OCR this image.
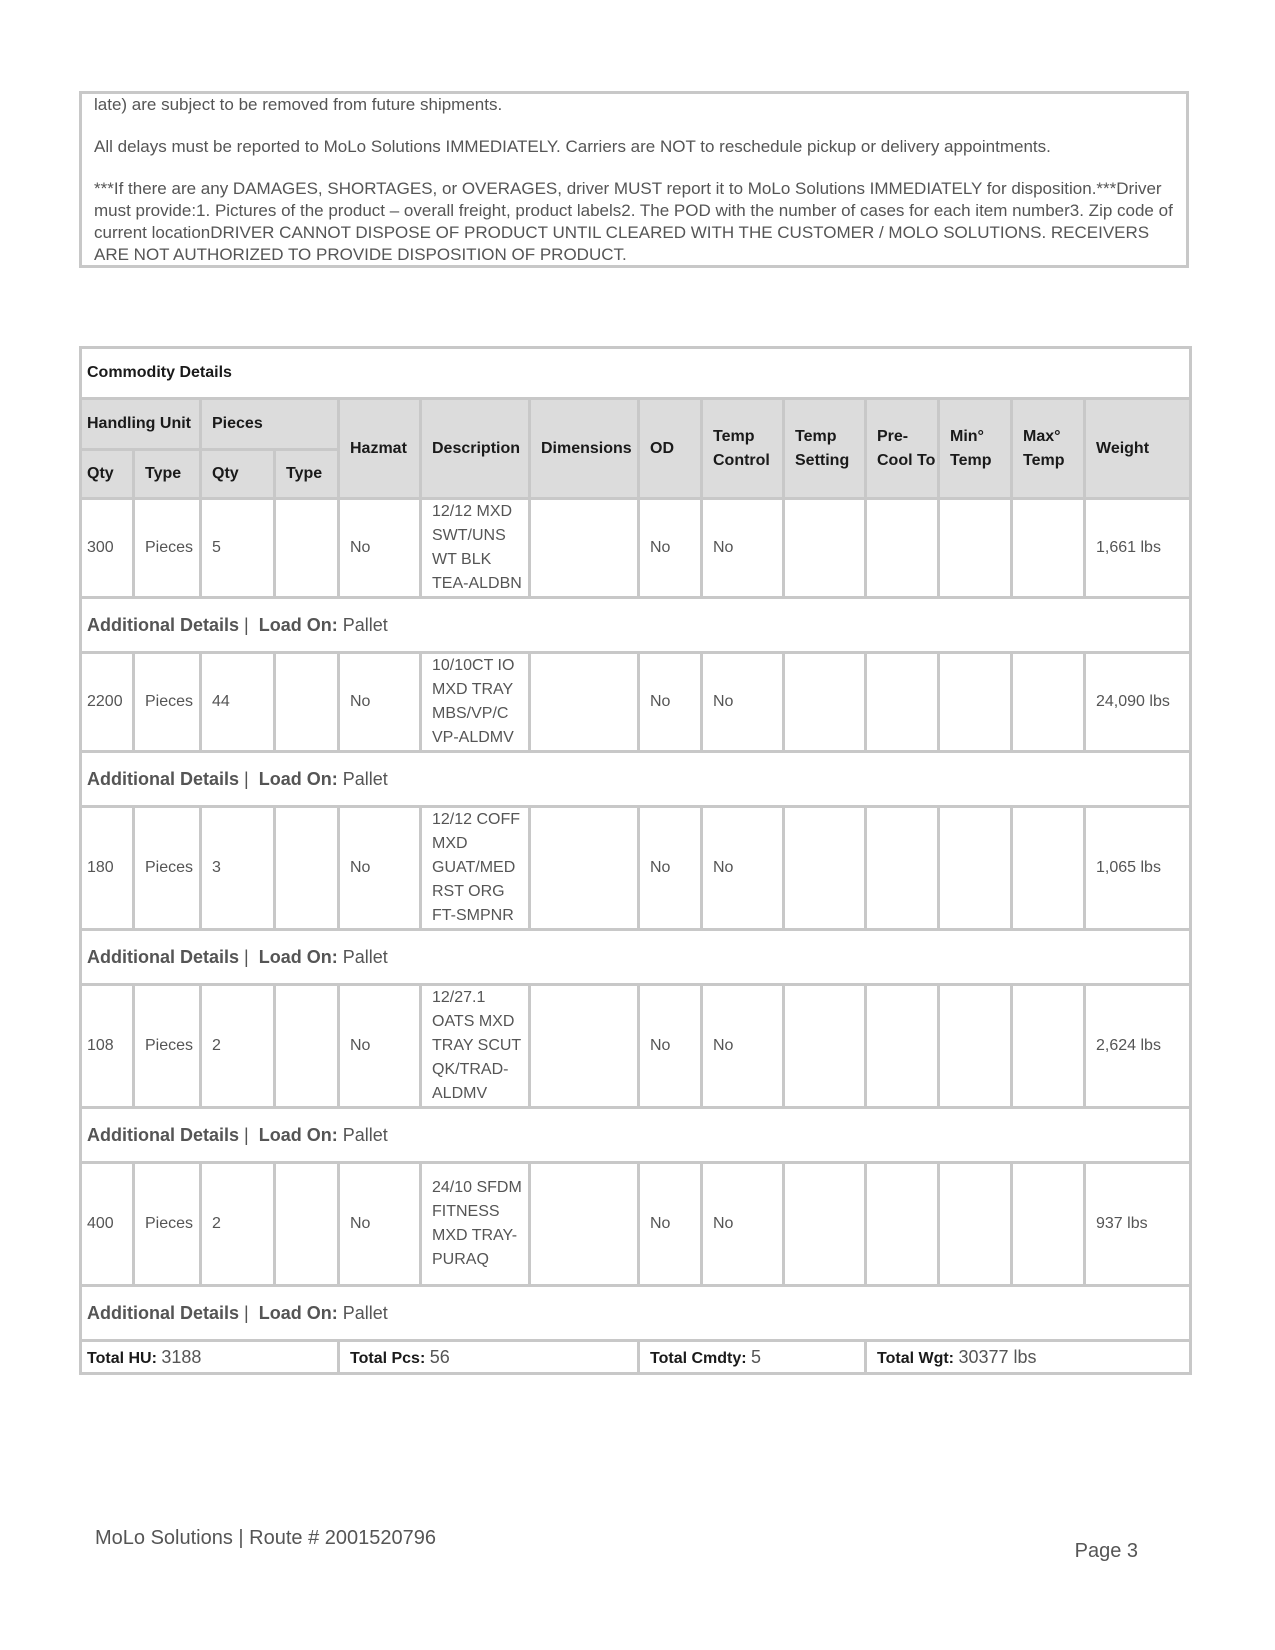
late) are subject to be removed from future shipments.

All delays must be reported to MoLo Solutions IMMEDIATELY. Carriers are NOT to reschedule pickup or delivery appointments.

***If there are any DAMAGES, SHORTAGES, or OVERAGES, driver MUST report it to MoLo Solutions IMMEDIATELY for disposition.***Driver must provide:1. Pictures of the product – overall freight, product labels2. The POD with the number of cases for each item number3. Zip code of current locationDRIVER CANNOT DISPOSE OF PRODUCT UNTIL CLEARED WITH THE CUSTOMER / MOLO SOLUTIONS. RECEIVERS ARE NOT AUTHORIZED TO PROVIDE DISPOSITION OF PRODUCT.

Commodity Details													
Handling Unit		Pieces		Hazmat	Description	Dimensions	OD	Temp Control	Temp Setting	Pre-Cool To	Min° Temp	Max° Temp	Weight
Qty	Type	Qty	Type										
300	Pieces	5		No	12/12 MXD SWT/UNS WT BLK TEA-ALDBN		No	No					1,661 lbs
Additional Details | Load On: Pallet													
2200	Pieces	44		No	10/10CT IO MXD TRAY MBS/VP/C VP-ALDMV		No	No					24,090 lbs
Additional Details | Load On: Pallet													
180	Pieces	3		No	12/12 COFF MXD GUAT/MED RST ORG FT-SMPNR		No	No					1,065 lbs
Additional Details | Load On: Pallet													
108	Pieces	2		No	12/27.1 OATS MXD TRAY SCUT QK/TRAD-ALDMV		No	No					2,624 lbs
Additional Details | Load On: Pallet													
400	Pieces	2		No	24/10 SFDM FITNESS MXD TRAY-PURAQ		No	No					937 lbs
Additional Details | Load On: Pallet													
Total HU: 3188				Total Pcs: 56			Total Cmdty: 5			Total Wgt: 30377 lbs			
MoLo Solutions | Route # 2001520796
Page 3
